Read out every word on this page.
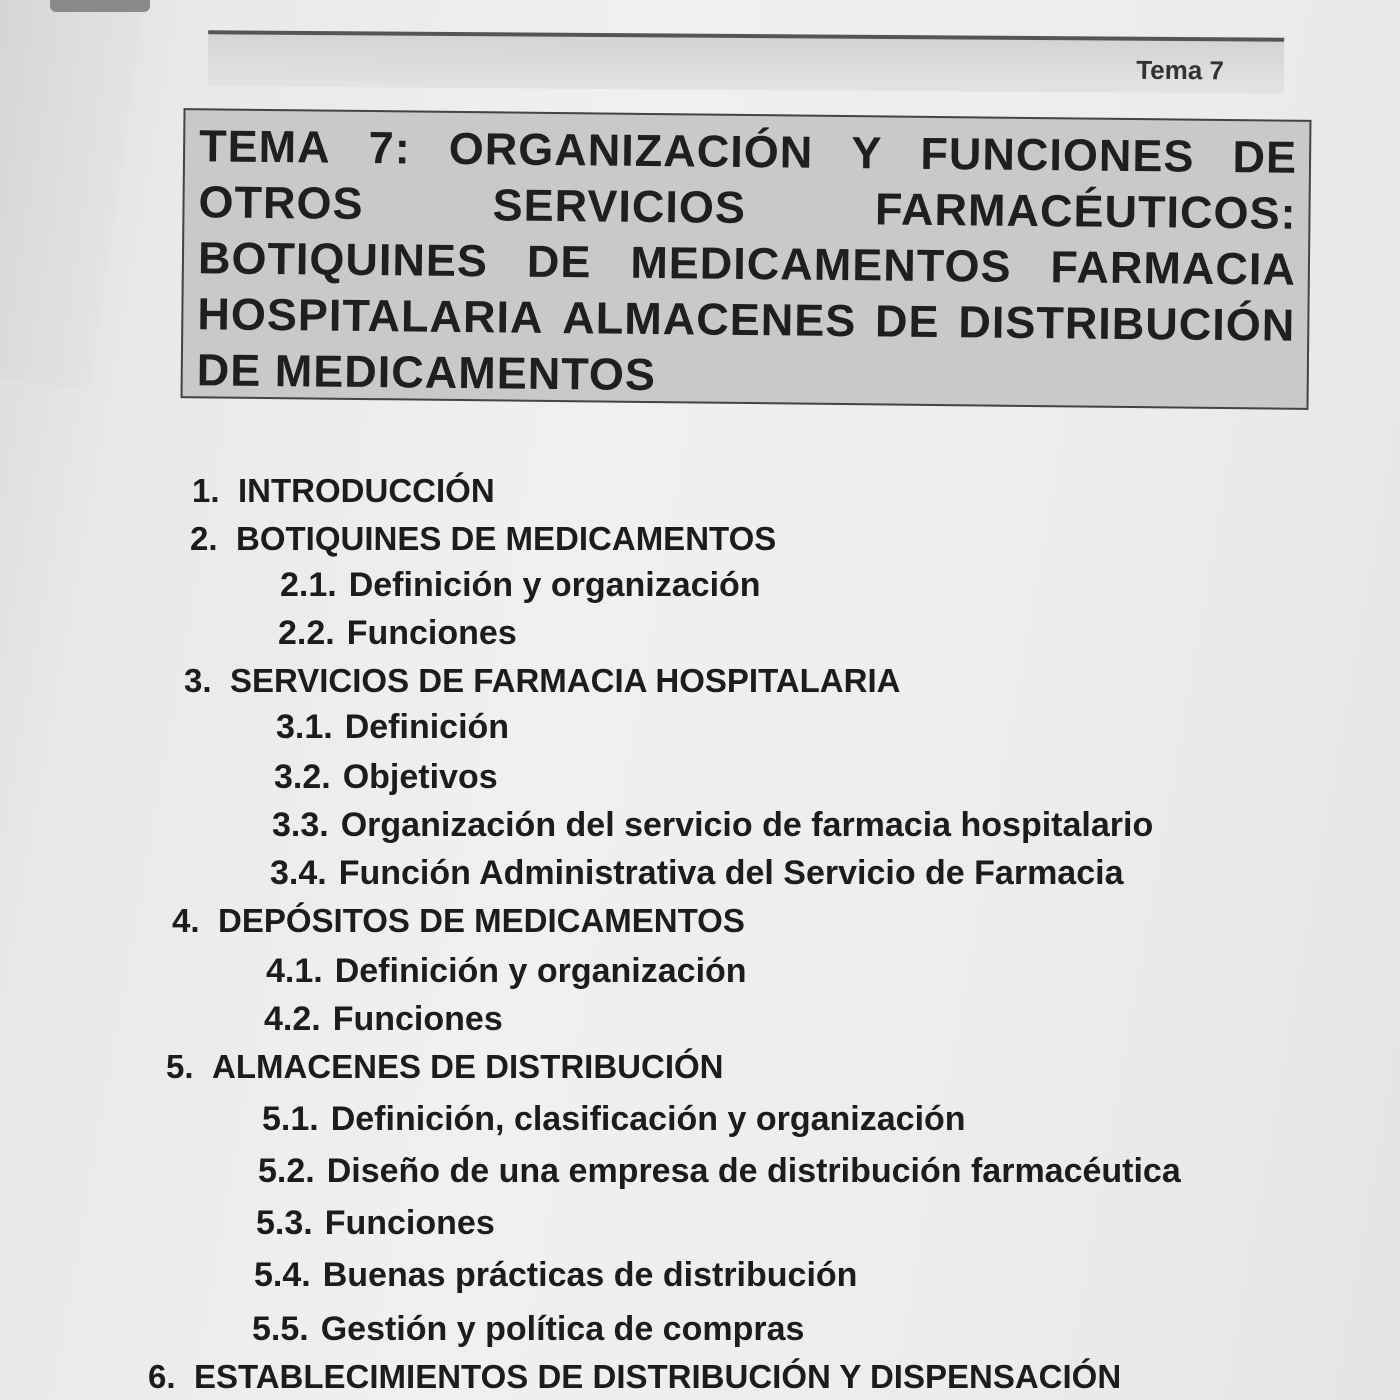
Tema 7
TEMA 7: ORGANIZACIÓN Y FUNCIONES DE
OTROS	SERVICIOS	FARMACÉUTICOS:
BOTIQUINES DE MEDICAMENTOS FARMACIA
HOSPITALARIA ALMACENES DE DISTRIBUCIÓN
DE MEDICAMENTOS
1. INTRODUCCIÓN
2. BOTIQUINES DE MEDICAMENTOS
2.1. Definición y organización
2.2. Funciones
3. SERVICIOS DE FARMACIA HOSPITALARIA
3.1. Definición
3.2. Objetivos
3.3. Organización del servicio de farmacia hospitalario
3.4. Función Administrativa del Servicio de Farmacia
4. DEPÓSITOS DE MEDICAMENTOS
4.1. Definición y organización
4.2. Funciones
5. ALMACENES DE DISTRIBUCIÓN
5.1. Definición, clasificación y organización
5.2. Diseño de una empresa de distribución farmacéutica
5.3. Funciones
5.4. Buenas prácticas de distribución
5.5. Gestión y política de compras
6. ESTABLECIMIENTOS DE DISTRIBUCIÓN Y DISPENSACIÓN
